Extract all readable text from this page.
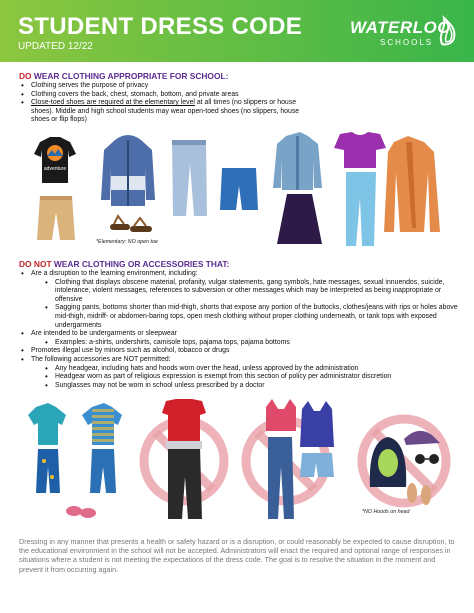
STUDENT DRESS CODE
UPDATED 12/22
WATERLOO
SCHOOLS
DO WEAR CLOTHING APPROPRIATE FOR SCHOOL:
• Clothing serves the purpose of privacy
• Clothing covers the back, chest, stomach, bottom, and private areas
• Close-toed shoes are required at the elementary level at all times (no slippers or house shoes). Middle and high school students may wear open-toed shoes (no slippers, house shoes or flip flops)
adventure
*Elementary: NO open toe
DO NOT WEAR CLOTHING OR ACCESSORIES THAT:
• Are a disruption to the learning environment, including:
• Clothing that displays obscene material, profanity, vulgar statements, gang symbols, hate messages, sexual innuendos, suicide, intolerance, violent messages, references to subversion or other messages which may be interpreted as being inappropriate or offensive
• Sagging pants, bottoms shorter than mid-thigh, shorts that expose any portion of the buttocks, clothes/jeans with rips or holes above mid-thigh, midriff- or abdomen-baring tops, open mesh clothing without proper clothing underneath, or tank tops with exposed undergarments
• Are intended to be undergarments or sleepwear
• Examples: a-shirts, undershirts, camisole tops, pajama tops, pajama bottoms
• Promotes illegal use by minors such as alcohol, tobacco or drugs
• The following accessories are NOT permitted:
• Any headgear, including hats and hoods worn over the head, unless approved by the administration
• Headgear worn as part of religious expression is exempt from this section of policy per administrator discretion
• Sunglasses may not be worn in school unless prescribed by a doctor
*NO Hoods on head
Dressing in any manner that presents a health or safety hazard or is a disruption, or could reasonably be expected to cause disruption, to the educational environment in the school will not be accepted. Administrators will enact the required and optional range of responses in situations where a student is not meeting the expectations of the dress code. The goal is to resolve the situation in the moment and prevent it from occurring again.
